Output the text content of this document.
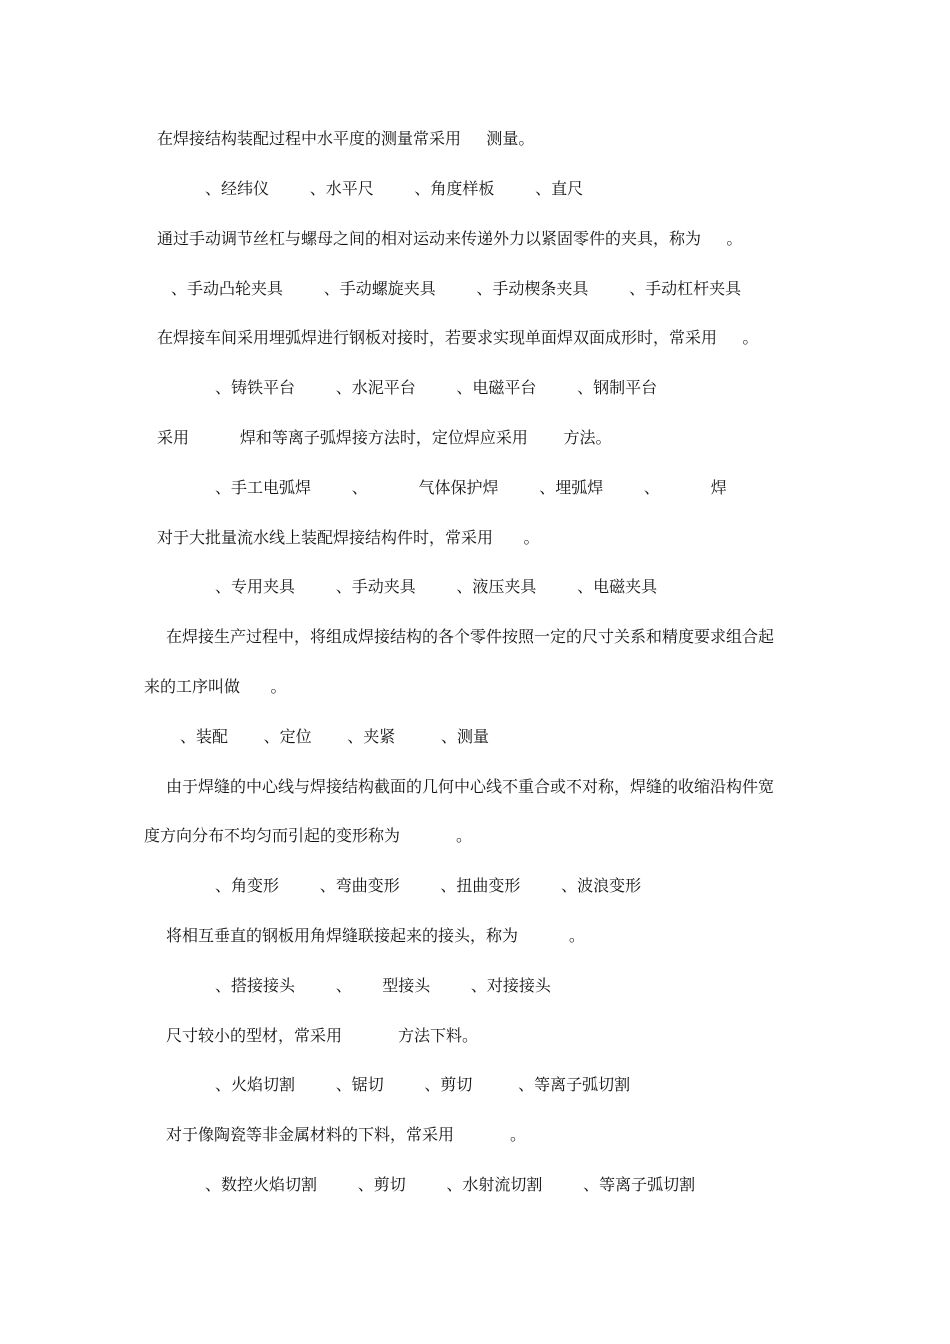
在焊接结构装配过程中水平度的测量常采用     测量。

、经纬仪        、水平尺        、角度样板        、直尺

通过手动调节丝杠与螺母之间的相对运动来传递外力以紧固零件的夹具，称为     。

、手动凸轮夹具        、手动螺旋夹具        、手动楔条夹具        、手动杠杆夹具

在焊接车间采用埋弧焊进行钢板对接时，若要求实现单面焊双面成形时，常采用     。

、铸铁平台        、水泥平台        、电磁平台        、钢制平台

采用          焊和等离子弧焊接方法时，定位焊应采用       方法。

、手工电弧焊        、          气体保护焊        、埋弧焊        、          焊

对于大批量流水线上装配焊接结构件时，常采用      。

、专用夹具        、手动夹具        、液压夹具        、电磁夹具

在焊接生产过程中，将组成焊接结构的各个零件按照一定的尺寸关系和精度要求组合起

来的工序叫做      。

、装配       、定位       、夹紧         、测量

由于焊缝的中心线与焊接结构截面的几何中心线不重合或不对称，焊缝的收缩沿构件宽

度方向分布不均匀而引起的变形称为           。

、角变形        、弯曲变形        、扭曲变形        、波浪变形

将相互垂直的钢板用角焊缝联接起来的接头，称为          。

、搭接接头        、      型接头        、对接接头

尺寸较小的型材，常采用           方法下料。

、火焰切割        、锯切        、剪切         、等离子弧切割

对于像陶瓷等非金属材料的下料，常采用           。

、数控火焰切割        、剪切        、水射流切割        、等离子弧切割
